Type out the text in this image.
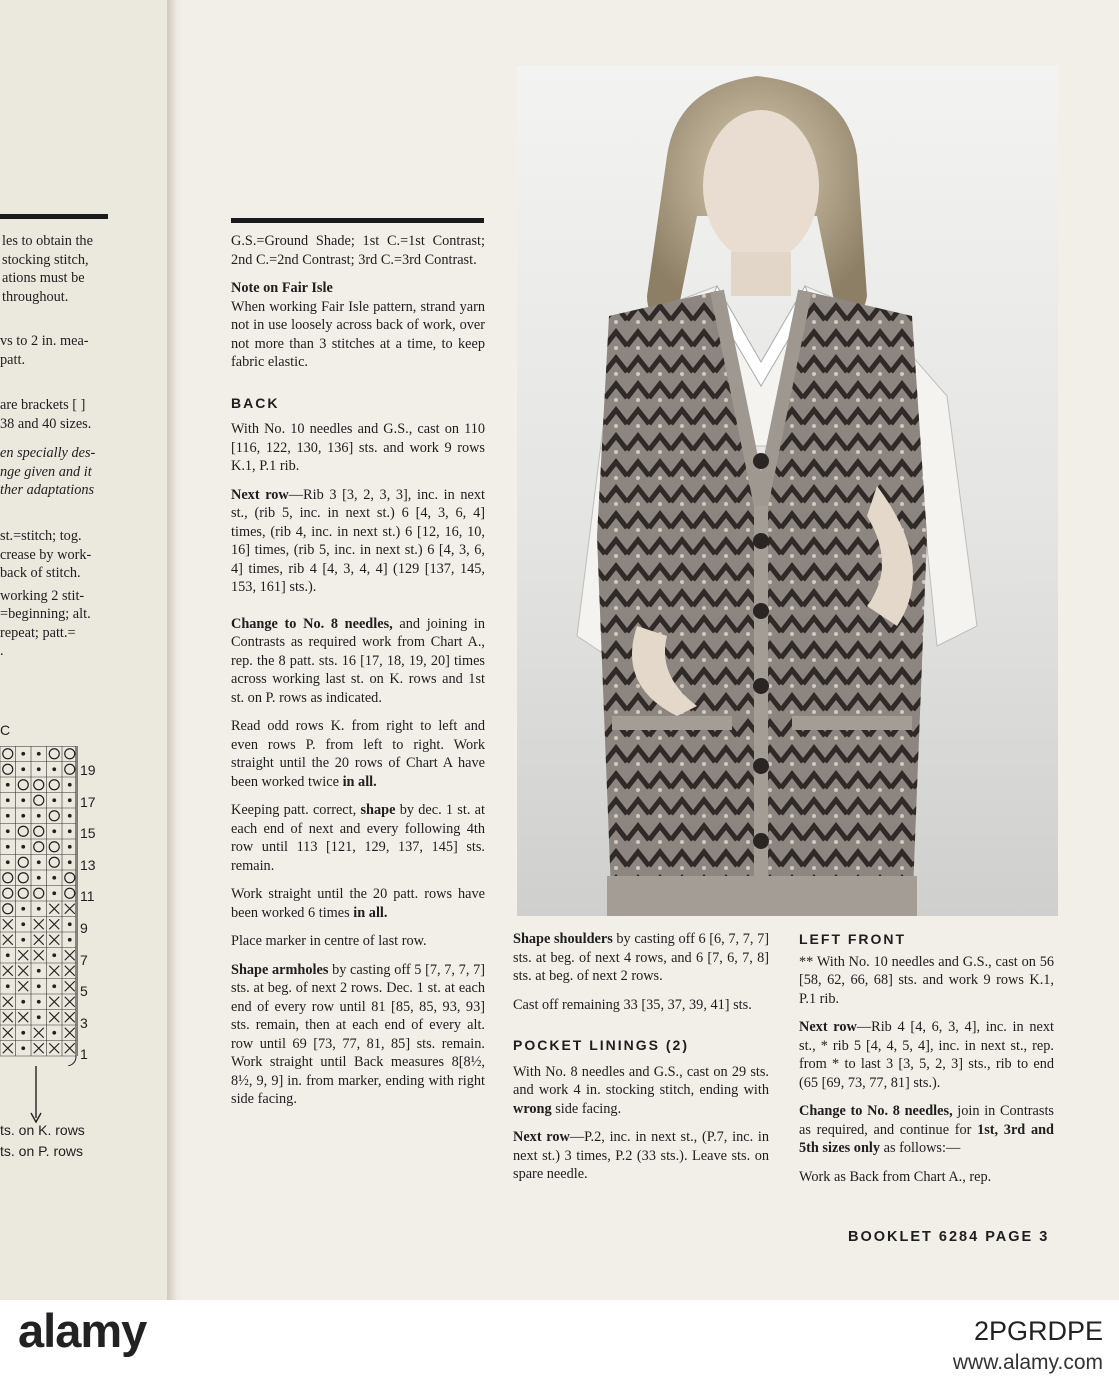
les to obtain the
stocking stitch,
ations must be
throughout.
vs to 2 in. mea-
patt.
are brackets [ ]
38 and 40 sizes.
en specially des-
nge given and it
ther adaptations
st.=stitch; tog.
crease by work-
back of stitch.
working 2 stit-
=beginning; alt.
repeat; patt.=
.
C
19
17
15
13
11
9
7
5
3
1
ts. on K. rows
ts. on P. rows

G.S.=Ground Shade; 1st C.=1st Contrast; 2nd C.=2nd Contrast; 3rd C.=3rd Contrast.

Note on Fair Isle

When working Fair Isle pattern, strand yarn not in use loosely across back of work, over not more than 3 stitches at a time, to keep fabric elastic.

BACK

With No. 10 needles and G.S., cast on 110 [116, 122, 130, 136] sts. and work 9 rows K.1, P.1 rib.

Next row—Rib 3 [3, 2, 3, 3], inc. in next st., (rib 5, inc. in next st.) 6 [4, 3, 6, 4] times, (rib 4, inc. in next st.) 6 [12, 16, 10, 16] times, (rib 5, inc. in next st.) 6 [4, 3, 6, 4] times, rib 4 [4, 3, 4, 4] (129 [137, 145, 153, 161] sts.).

Change to No. 8 needles, and joining in Contrasts as required work from Chart A., rep. the 8 patt. sts. 16 [17, 18, 19, 20] times across working last st. on K. rows and 1st st. on P. rows as indicated.

Read odd rows K. from right to left and even rows P. from left to right. Work straight until the 20 rows of Chart A have been worked twice in all.

Keeping patt. correct, shape by dec. 1 st. at each end of next and every following 4th row until 113 [121, 129, 137, 145] sts. remain.

Work straight until the 20 patt. rows have been worked 6 times in all.

Place marker in centre of last row.

Shape armholes by casting off 5 [7, 7, 7, 7] sts. at beg. of next 2 rows. Dec. 1 st. at each end of every row until 81 [85, 85, 93, 93] sts. remain, then at each end of every alt. row until 69 [73, 77, 81, 85] sts. remain. Work straight until Back measures 8[8½, 8½, 9, 9] in. from marker, ending with right side facing.

Shape shoulders by casting off 6 [6, 7, 7, 7] sts. at beg. of next 4 rows, and 6 [7, 6, 7, 8] sts. at beg. of next 2 rows.

Cast off remaining 33 [35, 37, 39, 41] sts.

POCKET LININGS (2)

With No. 8 needles and G.S., cast on 29 sts. and work 4 in. stocking stitch, ending with wrong side facing.

Next row—P.2, inc. in next st., (P.7, inc. in next st.) 3 times, P.2 (33 sts.). Leave sts. on spare needle.

LEFT FRONT

** With No. 10 needles and G.S., cast on 56 [58, 62, 66, 68] sts. and work 9 rows K.1, P.1 rib.

Next row—Rib 4 [4, 6, 3, 4], inc. in next st., * rib 5 [4, 4, 5, 4], inc. in next st., rep. from * to last 3 [3, 5, 2, 3] sts., rib to end (65 [69, 73, 77, 81] sts.).

Change to No. 8 needles, join in Contrasts as required, and continue for 1st, 3rd and 5th sizes only as follows:—

Work as Back from Chart A., rep.

BOOKLET 6284 PAGE 3
alamy	2PGRDPE
www.alamy.com
